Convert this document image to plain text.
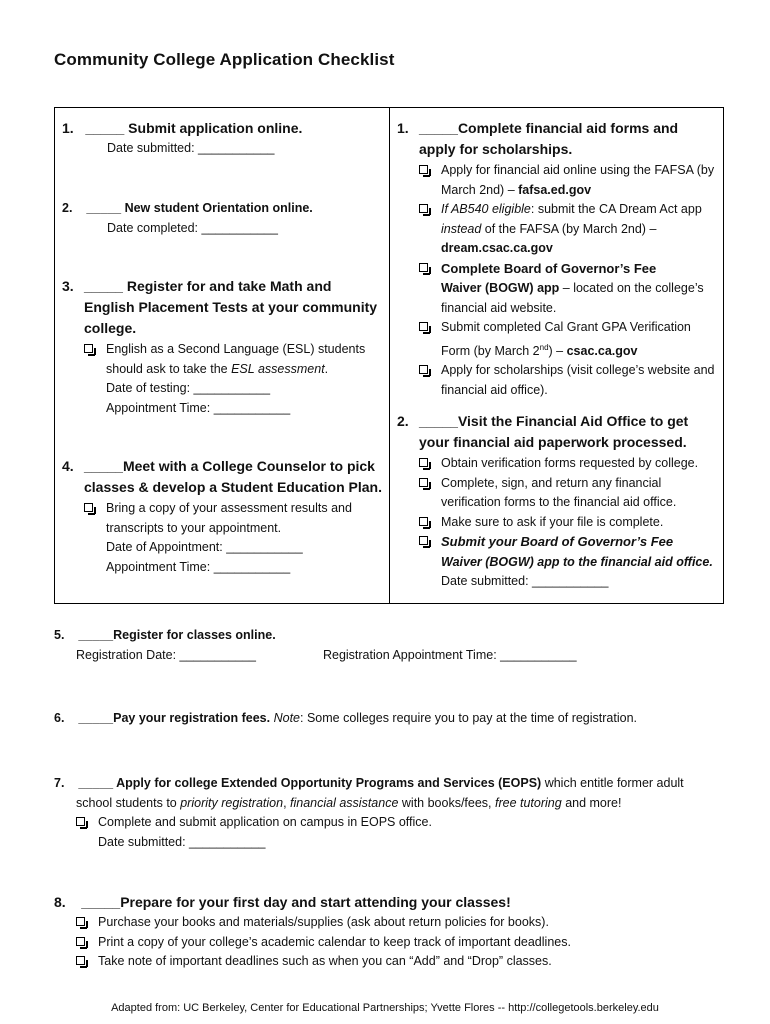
Community College Application Checklist
1. _____ Submit application online.
Date submitted: ___________
2. _____ New student Orientation online.
Date completed: ___________
3. _____ Register for and take Math and English Placement Tests at your community college.
English as a Second Language (ESL) students should ask to take the ESL assessment.
Date of testing: ___________
Appointment Time: ___________
4. _____Meet with a College Counselor to pick classes & develop a Student Education Plan.
Bring a copy of your assessment results and transcripts to your appointment.
Date of Appointment: ___________
Appointment Time: ___________
1. _____Complete financial aid forms and apply for scholarships.
Apply for financial aid online using the FAFSA (by March 2nd) – fafsa.ed.gov
If AB540 eligible: submit the CA Dream Act app instead of the FAFSA (by March 2nd) – dream.csac.ca.gov
Complete Board of Governor’s Fee
Waiver (BOGW) app – located on the college’s financial aid website.
Submit completed Cal Grant GPA Verification Form (by March 2nd) – csac.ca.gov
Apply for scholarships (visit college’s website and financial aid office).
2. _____Visit the Financial Aid Office to get your financial aid paperwork processed.
Obtain verification forms requested by college.
Complete, sign, and return any financial verification forms to the financial aid office.
Make sure to ask if your file is complete.
Submit your Board of Governor’s Fee
Waiver (BOGW) app to the financial aid office.
Date submitted: ___________
5. _____Register for classes online.
Registration Date: ___________	Registration Appointment Time: ___________
6. _____Pay your registration fees. Note: Some colleges require you to pay at the time of registration.
7. _____ Apply for college Extended Opportunity Programs and Services (EOPS) which entitle former adult
school students to priority registration, financial assistance with books/fees, free tutoring and more!
Complete and submit application on campus in EOPS office.
Date submitted: ___________
8. _____Prepare for your first day and start attending your classes!
Purchase your books and materials/supplies (ask about return policies for books).
Print a copy of your college’s academic calendar to keep track of important deadlines.
Take note of important deadlines such as when you can “Add” and “Drop” classes.
Adapted from: UC Berkeley, Center for Educational Partnerships; Yvette Flores -- http://collegetools.berkeley.edu
